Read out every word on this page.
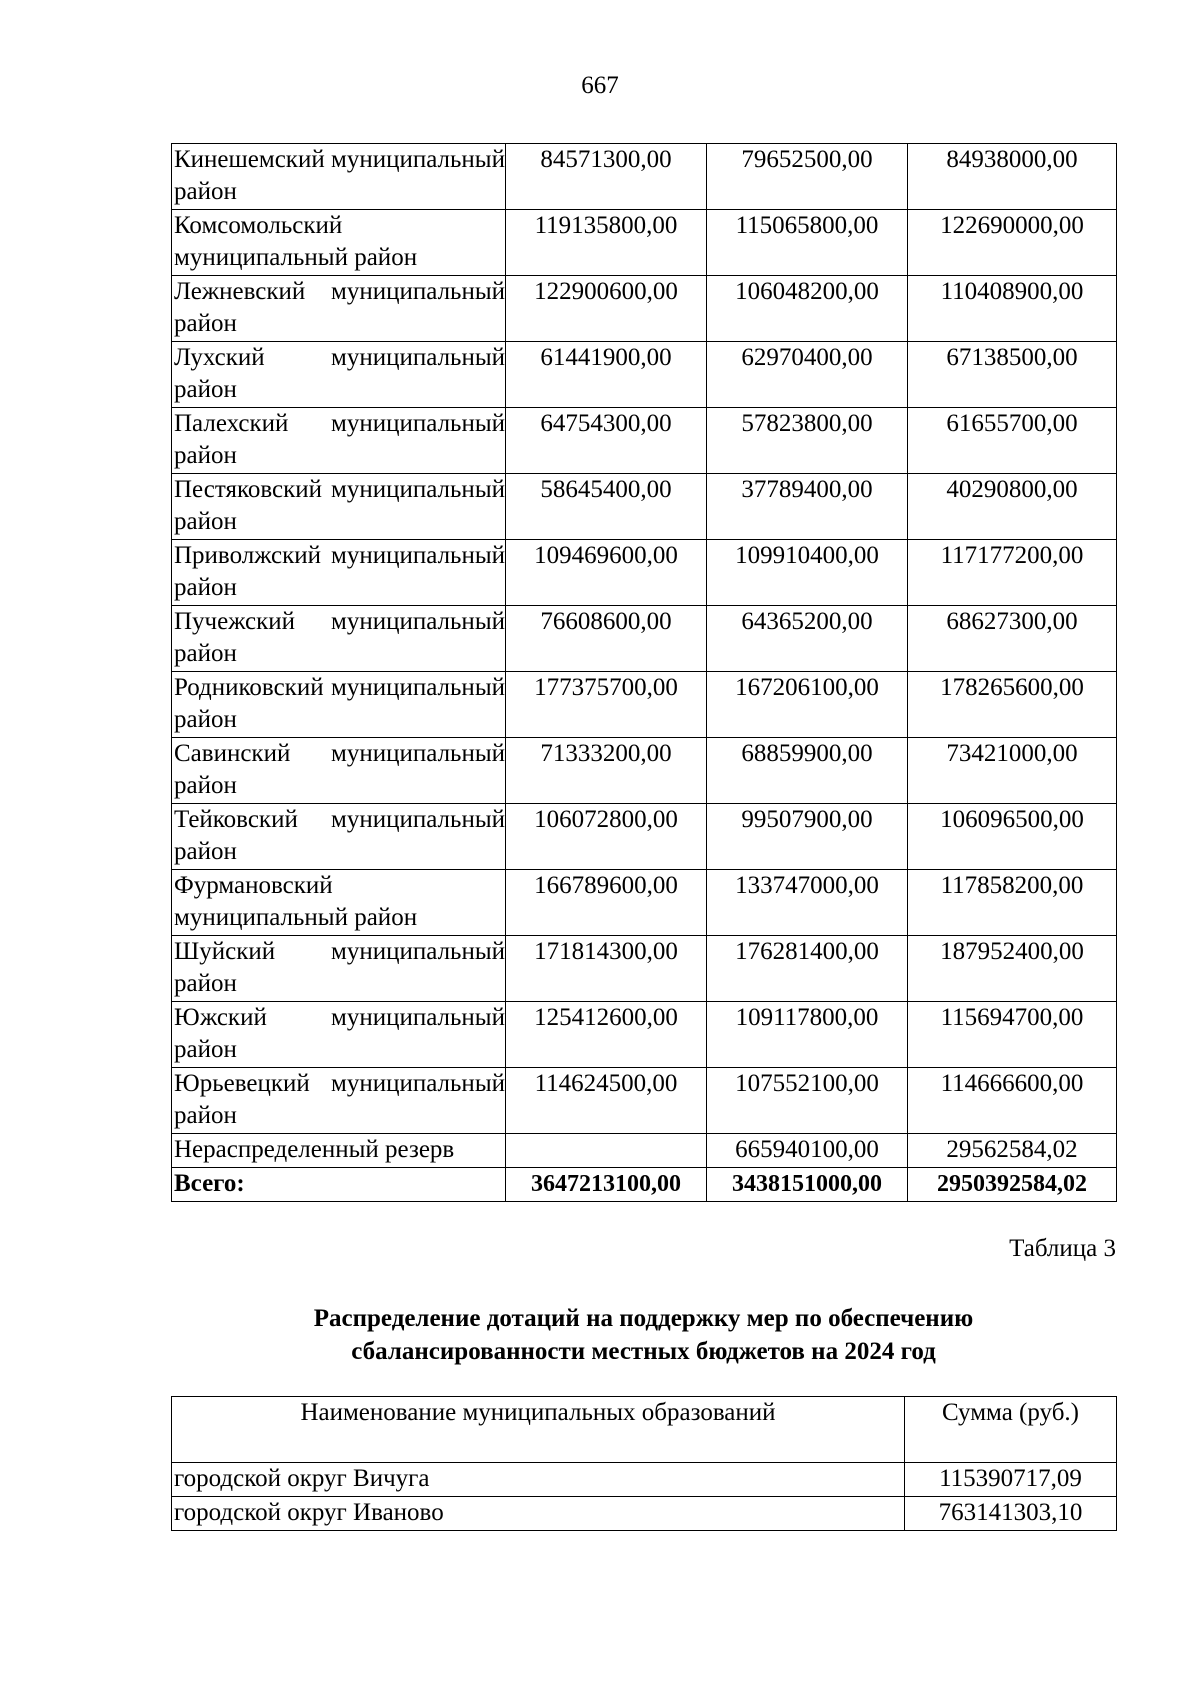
667
Кинешемский муниципальный район	84571300,00	79652500,00	84938000,00
Комсомольский муниципальный район	119135800,00	115065800,00	122690000,00
Лежневский муниципальный район	122900600,00	106048200,00	110408900,00
Лухский муниципальный район	61441900,00	62970400,00	67138500,00
Палехский муниципальный район	64754300,00	57823800,00	61655700,00
Пестяковский муниципальный район	58645400,00	37789400,00	40290800,00
Приволжский муниципальный район	109469600,00	109910400,00	117177200,00
Пучежский муниципальный район	76608600,00	64365200,00	68627300,00
Родниковский муниципальный район	177375700,00	167206100,00	178265600,00
Савинский муниципальный район	71333200,00	68859900,00	73421000,00
Тейковский муниципальный район	106072800,00	99507900,00	106096500,00
Фурмановский муниципальный район	166789600,00	133747000,00	117858200,00
Шуйский муниципальный район	171814300,00	176281400,00	187952400,00
Южский муниципальный район	125412600,00	109117800,00	115694700,00
Юрьевецкий муниципальный район	114624500,00	107552100,00	114666600,00
Нераспределенный резерв		665940100,00	29562584,02
Всего:	3647213100,00	3438151000,00	2950392584,02
Таблица 3
Распределение дотаций на поддержку мер по обеспечению
сбалансированности местных бюджетов на 2024 год
Наименование муниципальных образований	Сумма (руб.)
городской округ Вичуга	115390717,09
городской округ Иваново	763141303,10
